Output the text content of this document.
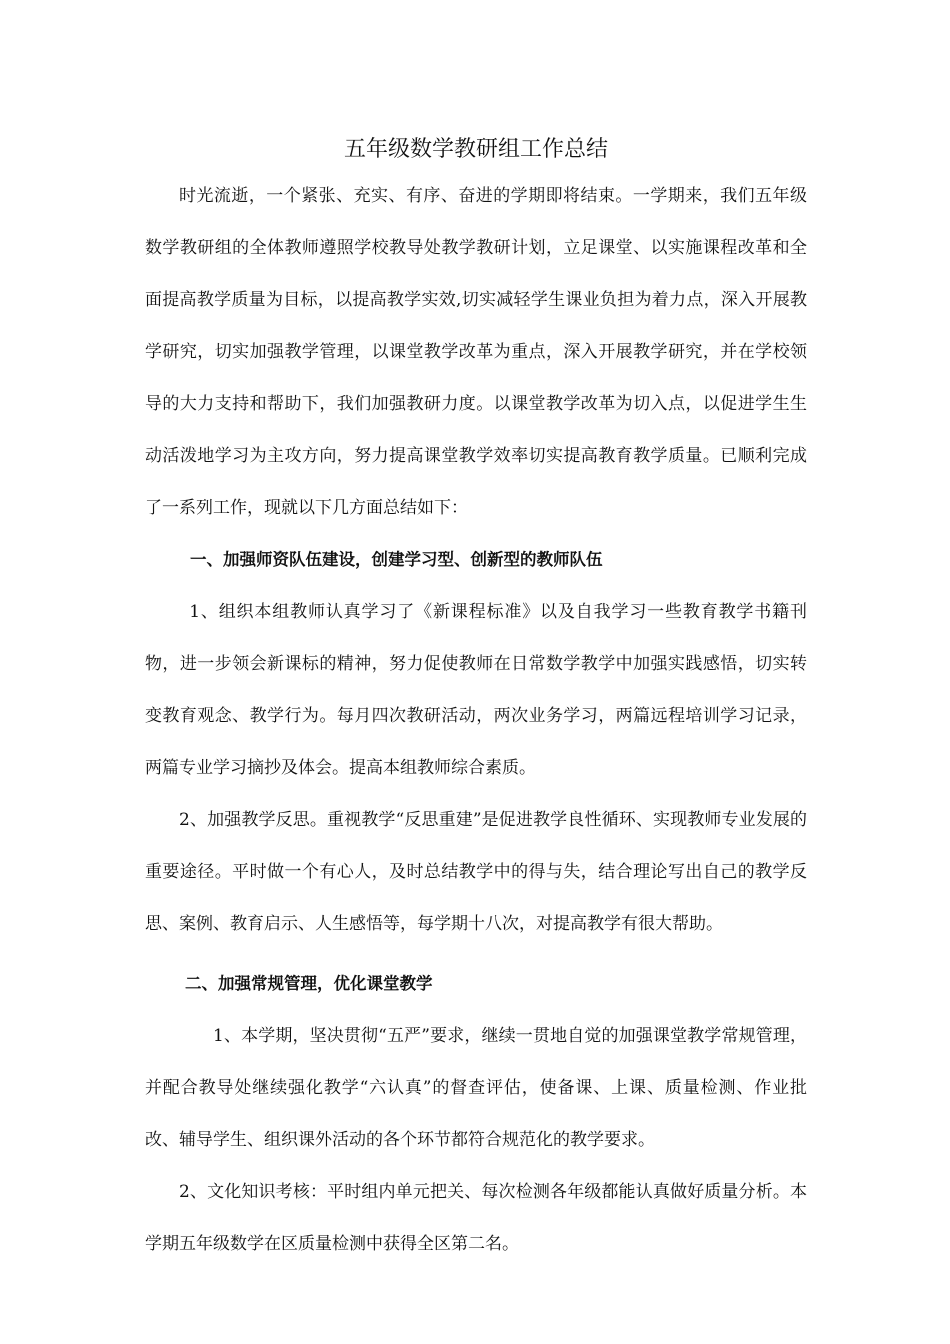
五年级数学教研组工作总结

时光流逝，一个紧张、充实、有序、奋进的学期即将结束。一学期来，我们五年级数学教研组的全体教师遵照学校教导处教学教研计划，立足课堂、以实施课程改革和全面提高教学质量为目标，以提高教学实效,切实减轻学生课业负担为着力点，深入开展教学研究，切实加强教学管理，以课堂教学改革为重点，深入开展教学研究，并在学校领导的大力支持和帮助下，我们加强教研力度。以课堂教学改革为切入点，以促进学生生动活泼地学习为主攻方向，努力提高课堂教学效率切实提高教育教学质量。已顺利完成了一系列工作，现就以下几方面总结如下：

一、加强师资队伍建设，创建学习型、创新型的教师队伍

1、组织本组教师认真学习了《新课程标准》以及自我学习一些教育教学书籍刊物，进一步领会新课标的精神，努力促使教师在日常数学教学中加强实践感悟，切实转变教育观念、教学行为。每月四次教研活动，两次业务学习，两篇远程培训学习记录，两篇专业学习摘抄及体会。提高本组教师综合素质。

2、加强教学反思。重视教学“反思重建”是促进教学良性循环、实现教师专业发展的重要途径。平时做一个有心人，及时总结教学中的得与失，结合理论写出自己的教学反思、案例、教育启示、人生感悟等，每学期十八次，对提高教学有很大帮助。

二、加强常规管理，优化课堂教学

1、本学期，坚决贯彻“五严”要求，继续一贯地自觉的加强课堂教学常规管理，并配合教导处继续强化教学“六认真”的督查评估，使备课、上课、质量检测、作业批改、辅导学生、组织课外活动的各个环节都符合规范化的教学要求。

2、文化知识考核：平时组内单元把关、每次检测各年级都能认真做好质量分析。本学期五年级数学在区质量检测中获得全区第二名。
